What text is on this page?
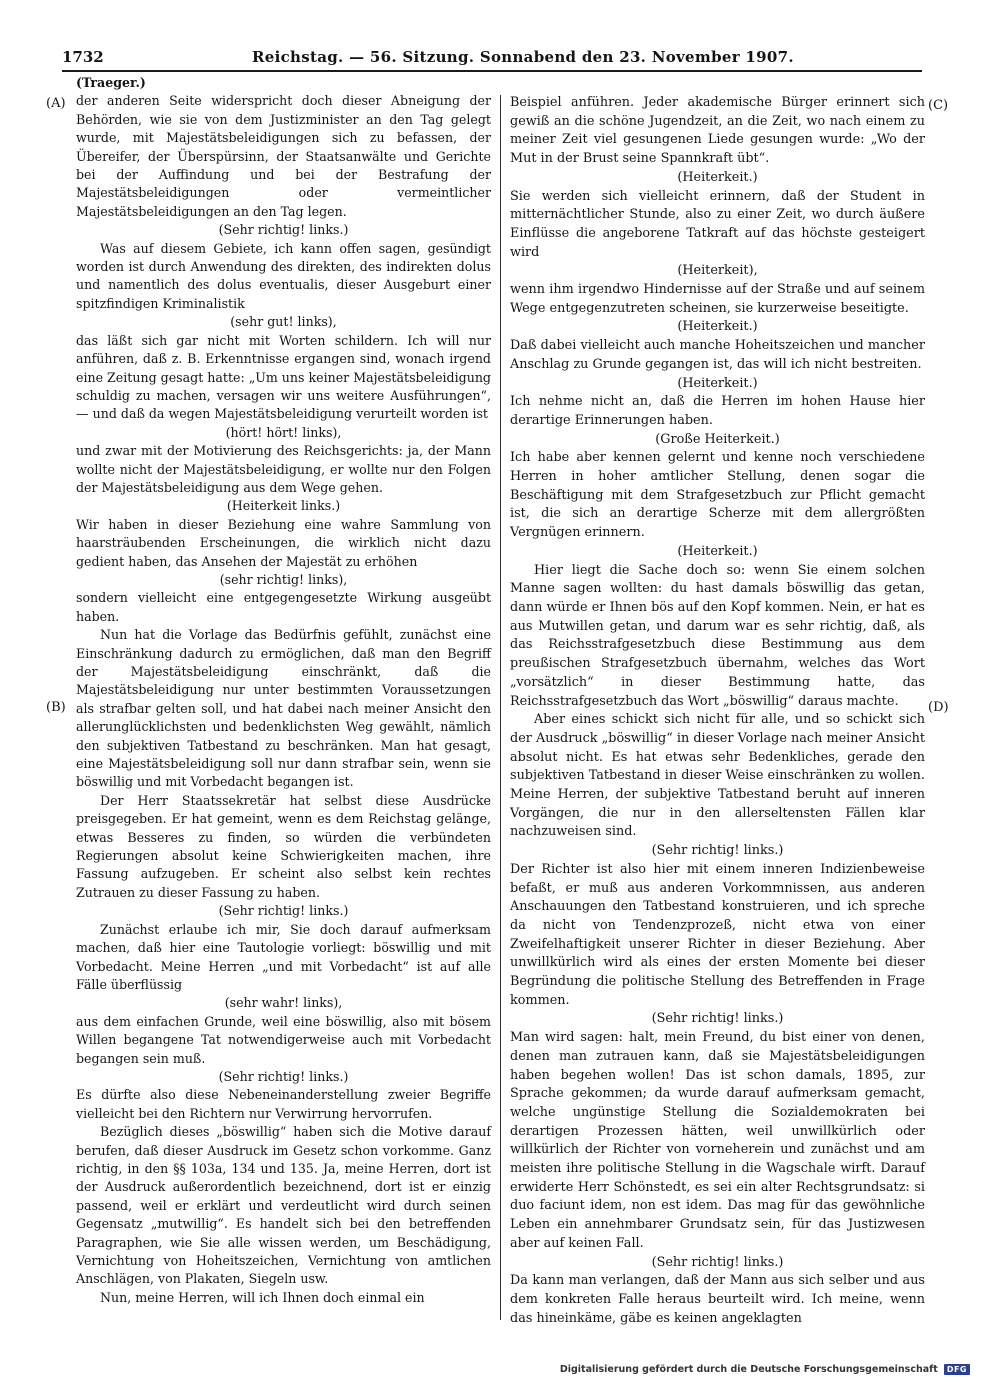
1732	Reichstag. — 56. Sitzung. Sonnabend den 23. November 1907.
(A)
(B)
(C)
(D)

(Traeger.)

der anderen Seite widerspricht doch dieser Abneigung der Behörden, wie sie von dem Justizminister an den Tag gelegt wurde, mit Majestätsbeleidigungen sich zu befassen, der Übereifer, der Überspürsinn, der Staatsanwälte und Gerichte bei der Auffindung und bei der Bestrafung der Majestätsbeleidigungen oder vermeintlicher Majestätsbeleidigungen an den Tag legen.

(Sehr richtig! links.)

Was auf diesem Gebiete, ich kann offen sagen, gesündigt worden ist durch Anwendung des direkten, des indirekten dolus und namentlich des dolus eventualis, dieser Ausgeburt einer spitzfindigen Kriminalistik

(sehr gut! links),

das läßt sich gar nicht mit Worten schildern. Ich will nur anführen, daß z. B. Erkenntnisse ergangen sind, wonach irgend eine Zeitung gesagt hatte: „Um uns keiner Majestätsbeleidigung schuldig zu machen, versagen wir uns weitere Ausführungen“, — und daß da wegen Majestätsbeleidigung verurteilt worden ist

(hört! hört! links),

und zwar mit der Motivierung des Reichsgerichts: ja, der Mann wollte nicht der Majestätsbeleidigung, er wollte nur den Folgen der Majestätsbeleidigung aus dem Wege gehen.

(Heiterkeit links.)

Wir haben in dieser Beziehung eine wahre Sammlung von haarsträubenden Erscheinungen, die wirklich nicht dazu gedient haben, das Ansehen der Majestät zu erhöhen

(sehr richtig! links),

sondern vielleicht eine entgegengesetzte Wirkung ausgeübt haben.

Nun hat die Vorlage das Bedürfnis gefühlt, zunächst eine Einschränkung dadurch zu ermöglichen, daß man den Begriff der Majestätsbeleidigung einschränkt, daß die Majestätsbeleidigung nur unter bestimmten Voraussetzungen als strafbar gelten soll, und hat dabei nach meiner Ansicht den allerunglücklichsten und bedenklichsten Weg gewählt, nämlich den subjektiven Tatbestand zu beschränken. Man hat gesagt, eine Majestätsbeleidigung soll nur dann strafbar sein, wenn sie böswillig und mit Vorbedacht begangen ist.

Der Herr Staatssekretär hat selbst diese Ausdrücke preisgegeben. Er hat gemeint, wenn es dem Reichstag gelänge, etwas Besseres zu finden, so würden die verbündeten Regierungen absolut keine Schwierigkeiten machen, ihre Fassung aufzugeben. Er scheint also selbst kein rechtes Zutrauen zu dieser Fassung zu haben.

(Sehr richtig! links.)

Zunächst erlaube ich mir, Sie doch darauf aufmerksam machen, daß hier eine Tautologie vorliegt: böswillig und mit Vorbedacht. Meine Herren „und mit Vorbedacht“ ist auf alle Fälle überflüssig

(sehr wahr! links),

aus dem einfachen Grunde, weil eine böswillig, also mit bösem Willen begangene Tat notwendigerweise auch mit Vorbedacht begangen sein muß.

(Sehr richtig! links.)

Es dürfte also diese Nebeneinanderstellung zweier Begriffe vielleicht bei den Richtern nur Verwirrung hervorrufen.

Bezüglich dieses „böswillig“ haben sich die Motive darauf berufen, daß dieser Ausdruck im Gesetz schon vorkomme. Ganz richtig, in den §§ 103a, 134 und 135. Ja, meine Herren, dort ist der Ausdruck außerordentlich bezeichnend, dort ist er einzig passend, weil er erklärt und verdeutlicht wird durch seinen Gegensatz „mutwillig“. Es handelt sich bei den betreffenden Paragraphen, wie Sie alle wissen werden, um Beschädigung, Vernichtung von Hoheitszeichen, Vernichtung von amtlichen Anschlägen, von Plakaten, Siegeln usw.

Nun, meine Herren, will ich Ihnen doch einmal ein

Beispiel anführen. Jeder akademische Bürger erinnert sich gewiß an die schöne Jugendzeit, an die Zeit, wo nach einem zu meiner Zeit viel gesungenen Liede gesungen wurde: „Wo der Mut in der Brust seine Spannkraft übt“.

(Heiterkeit.)

Sie werden sich vielleicht erinnern, daß der Student in mitternächtlicher Stunde, also zu einer Zeit, wo durch äußere Einflüsse die angeborene Tatkraft auf das höchste gesteigert wird

(Heiterkeit),

wenn ihm irgendwo Hindernisse auf der Straße und auf seinem Wege entgegenzutreten scheinen, sie kurzerweise beseitigte.

(Heiterkeit.)

Daß dabei vielleicht auch manche Hoheitszeichen und mancher Anschlag zu Grunde gegangen ist, das will ich nicht bestreiten.

(Heiterkeit.)

Ich nehme nicht an, daß die Herren im hohen Hause hier derartige Erinnerungen haben.

(Große Heiterkeit.)

Ich habe aber kennen gelernt und kenne noch verschiedene Herren in hoher amtlicher Stellung, denen sogar die Beschäftigung mit dem Strafgesetzbuch zur Pflicht gemacht ist, die sich an derartige Scherze mit dem allergrößten Vergnügen erinnern.

(Heiterkeit.)

Hier liegt die Sache doch so: wenn Sie einem solchen Manne sagen wollten: du hast damals böswillig das getan, dann würde er Ihnen bös auf den Kopf kommen. Nein, er hat es aus Mutwillen getan, und darum war es sehr richtig, daß, als das Reichsstrafgesetzbuch diese Bestimmung aus dem preußischen Strafgesetzbuch übernahm, welches das Wort „vorsätzlich“ in dieser Bestimmung hatte, das Reichsstrafgesetzbuch das Wort „böswillig“ daraus machte.

Aber eines schickt sich nicht für alle, und so schickt sich der Ausdruck „böswillig“ in dieser Vorlage nach meiner Ansicht absolut nicht. Es hat etwas sehr Bedenkliches, gerade den subjektiven Tatbestand in dieser Weise einschränken zu wollen. Meine Herren, der subjektive Tatbestand beruht auf inneren Vorgängen, die nur in den allerseltensten Fällen klar nachzuweisen sind.

(Sehr richtig! links.)

Der Richter ist also hier mit einem inneren Indizienbeweise befaßt, er muß aus anderen Vorkommnissen, aus anderen Anschauungen den Tatbestand konstruieren, und ich spreche da nicht von Tendenzprozeß, nicht etwa von einer Zweifelhaftigkeit unserer Richter in dieser Beziehung. Aber unwillkürlich wird als eines der ersten Momente bei dieser Begründung die politische Stellung des Betreffenden in Frage kommen.

(Sehr richtig! links.)

Man wird sagen: halt, mein Freund, du bist einer von denen, denen man zutrauen kann, daß sie Majestätsbeleidigungen haben begehen wollen! Das ist schon damals, 1895, zur Sprache gekommen; da wurde darauf aufmerksam gemacht, welche ungünstige Stellung die Sozialdemokraten bei derartigen Prozessen hätten, weil unwillkürlich oder willkürlich der Richter von vorneherein und zunächst und am meisten ihre politische Stellung in die Wagschale wirft. Darauf erwiderte Herr Schönstedt, es sei ein alter Rechtsgrundsatz: si duo faciunt idem, non est idem. Das mag für das gewöhnliche Leben ein annehmbarer Grundsatz sein, für das Justizwesen aber auf keinen Fall.

(Sehr richtig! links.)

Da kann man verlangen, daß der Mann aus sich selber und aus dem konkreten Falle heraus beurteilt wird. Ich meine, wenn das hineinkäme, gäbe es keinen angeklagten

Digitalisierung gefördert durch die Deutsche Forschungsgemeinschaft	DFG
